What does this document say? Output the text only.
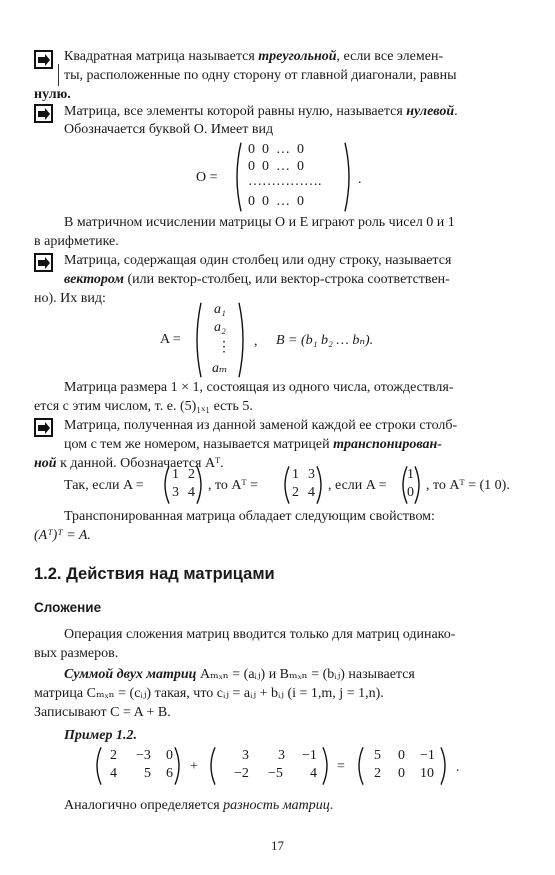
Квадратная матрица называется треугольной, если все элемен-
ты, расположенные по одну сторону от главной диагонали, равны
нулю.
Матрица, все элементы которой равны нулю, называется нулевой.
Обозначается буквой O. Имеет вид
O =
0  0  …  0
0  0  …  0
…………….
0  0  …  0
.
В матричном исчислении матрицы O и E играют роль чисел 0 и 1
в арифметике.
Матрица, содержащая один столбец или одну строку, называется
вектором (или вектор-столбец, или вектор-строка соответствен-
но). Их вид:
A =
a₁
a₂
⋮
aₘ
, B = (b₁ b₂ … bₙ).
Матрица размера 1 × 1, состоящая из одного числа, отождествля-
ется с этим числом, т. е. (5)₁ₓ₁ есть 5.
Матрица, полученная из данной заменой каждой ее строки столб-
цом с тем же номером, называется матрицей транспонирован-
ной к данной. Обозначается Aᵀ.
Так, если A =
1 2
3 4 , то Aᵀ =
1 3
2 4 , если A =
1
0 , то Aᵀ = (1 0).
Транспонированная матрица обладает следующим свойством:
(Aᵀ)ᵀ = A.
1.2. Действия над матрицами
Сложение
Операция сложения матриц вводится только для матриц одинако-
вых размеров.
Суммой двух матриц Aₘₓₙ = (aᵢⱼ) и Bₘₓₙ = (bᵢⱼ) называется
матрица Cₘₓₙ = (cᵢⱼ) такая, что cᵢⱼ = aᵢⱼ + bᵢⱼ (i = 1,m, j = 1,n).
Записывают C = A + B.
Пример 1.2.
2 −3 0
4 5 6 +
3 3 −1
−2 −5 4 =
5 0 −1
2 0 10 .
Аналогично определяется разность матриц.
17
